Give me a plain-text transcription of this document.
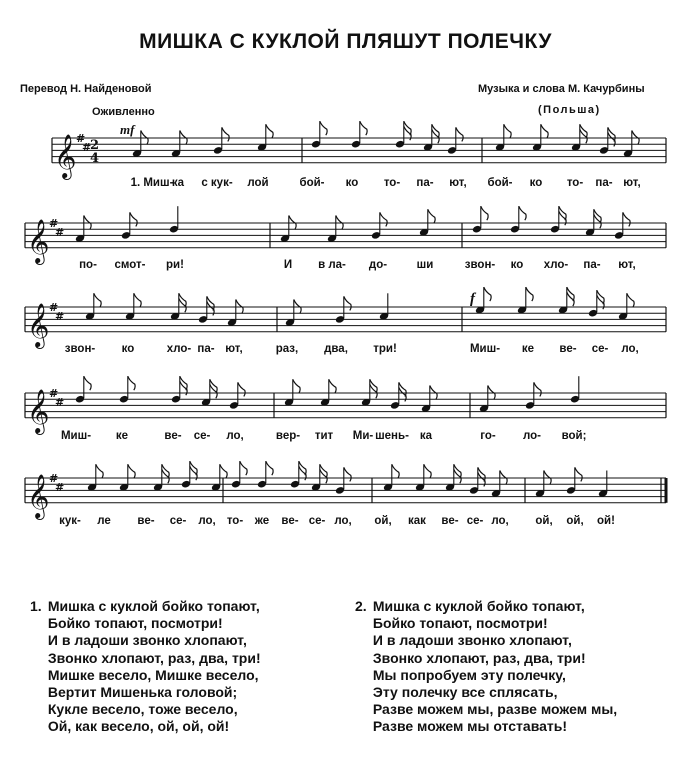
МИШКА С КУКЛОЙ ПЛЯШУТ ПОЛЕЧКУ
Перевод Н. Найденовой	Музыка и слова М. Качурбины
(Польша)
Оживленно
𝄞 #
#
2
4
mf
1. Миш-
ка с кук- лой	бой- ко то- па- ют, бой- ко то- па- ют,
𝄞 #
#
по- смот- ри!	И в ла- до-	ши	звон- ко хло- па- ют,
𝄞 #
#
f
звон- ко	хло- па- ют,	раз, два, три!	Миш- ке ве- се- ло,
𝄞 #
#
Миш- ке	ве- се- ло,	вер- тит Ми- шень- ка	го- ло- вой;
𝄞 #
#
кук- ле ве- се- ло, то- же ве- се- ло, ой, как ве- се- ло, ой, ой, ой!
1. Мишка с куклой бойко топают,
Бойко топают, посмотри!
И в ладоши звонко хлопают,
Звонко хлопают, раз, два, три!
Мишке весело, Мишке весело,
Вертит Мишенька головой;
Кукле весело, тоже весело,
Ой, как весело, ой, ой, ой!
2. Мишка с куклой бойко топают,
Бойко топают, посмотри!
И в ладоши звонко хлопают,
Звонко хлопают, раз, два, три!
Мы попробуем эту полечку,
Эту полечку все сплясать,
Разве можем мы, разве можем мы,
Разве можем мы отставать!
